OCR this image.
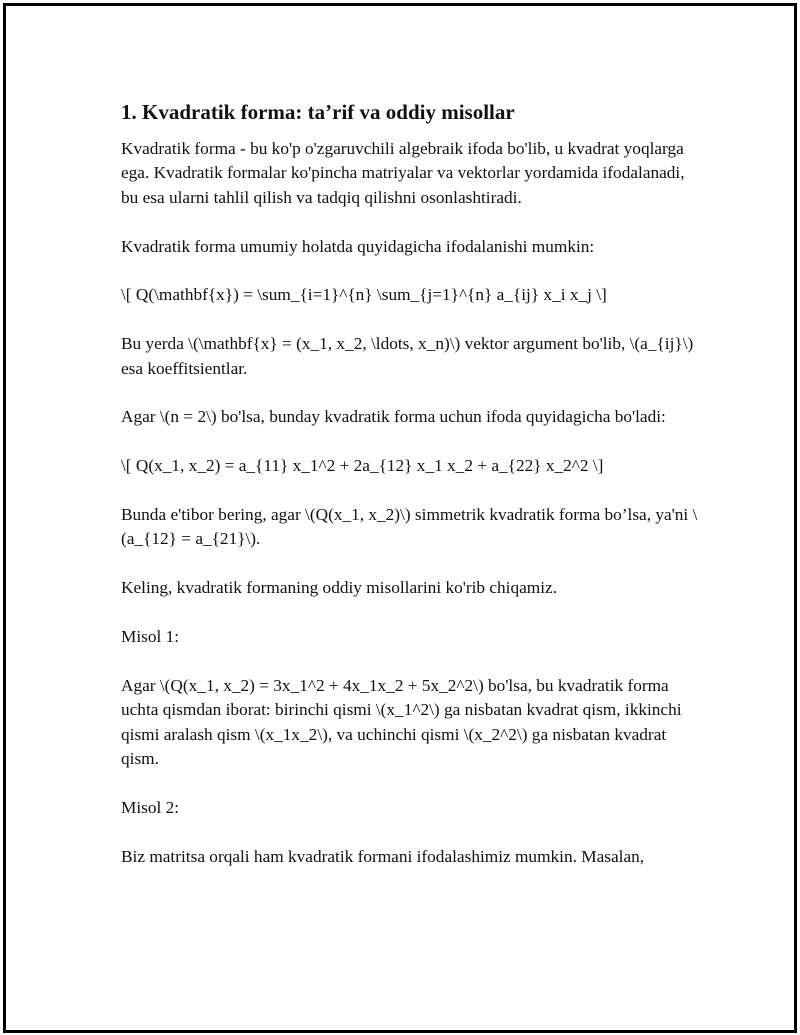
1. Kvadratik forma: ta’rif va oddiy misollar

Kvadratik forma - bu ko'p o'zgaruvchili algebraik ifoda bo'lib, u kvadrat yoqlarga ega. Kvadratik formalar ko'pincha matriyalar va vektorlar yordamida ifodalanadi, bu esa ularni tahlil qilish va tadqiq qilishni osonlashtiradi.

Kvadratik forma umumiy holatda quyidagicha ifodalanishi mumkin:

\[ Q(\mathbf{x}) = \sum_{i=1}^{n} \sum_{j=1}^{n} a_{ij} x_i x_j \]

Bu yerda \(\mathbf{x} = (x_1, x_2, \ldots, x_n)\) vektor argument bo'lib, \(a_{ij}\) esa koeffitsientlar.

Agar \(n = 2\) bo'lsa, bunday kvadratik forma uchun ifoda quyidagicha bo'ladi:

\[ Q(x_1, x_2) = a_{11} x_1^2 + 2a_{12} x_1 x_2 + a_{22} x_2^2 \]

Bunda e'tibor bering, agar \(Q(x_1, x_2)\) simmetrik kvadratik forma bo’lsa, ya'ni \(a_{12} = a_{21}\).

Keling, kvadratik formaning oddiy misollarini ko'rib chiqamiz.

Misol 1:

Agar \(Q(x_1, x_2) = 3x_1^2 + 4x_1x_2 + 5x_2^2\) bo'lsa, bu kvadratik forma uchta qismdan iborat: birinchi qismi \(x_1^2\) ga nisbatan kvadrat qism, ikkinchi qismi aralash qism \(x_1x_2\), va uchinchi qismi \(x_2^2\) ga nisbatan kvadrat qism.

Misol 2:

Biz matritsa orqali ham kvadratik formani ifodalashimiz mumkin. Masalan,
